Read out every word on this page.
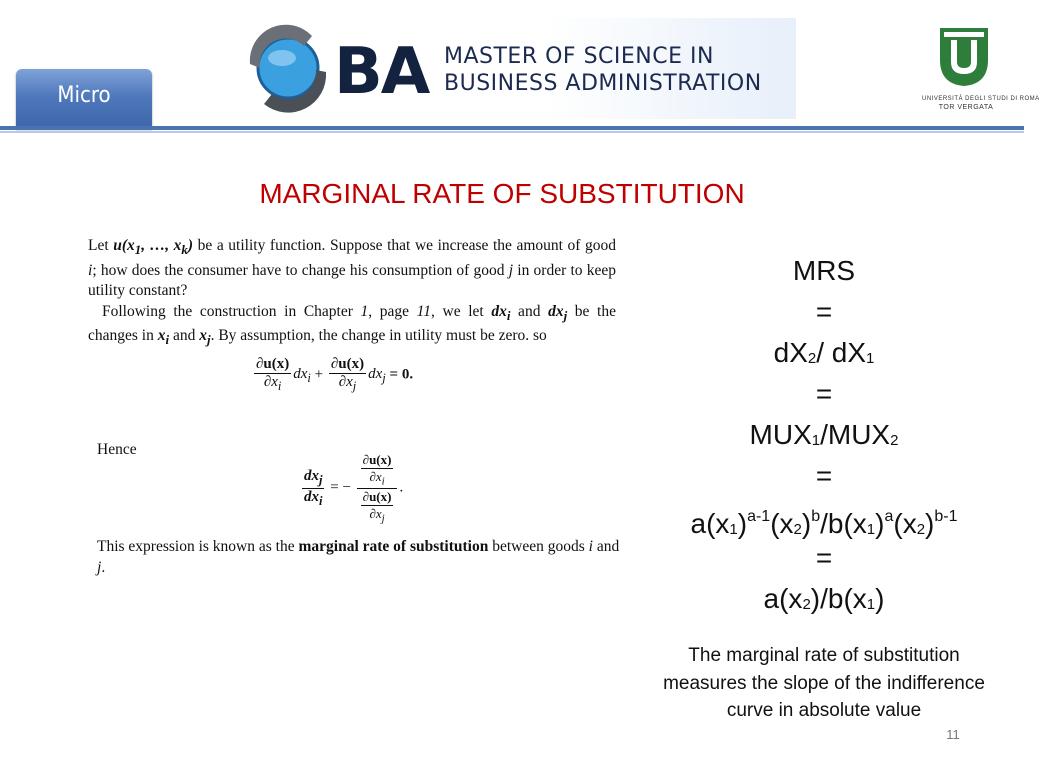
Micro	BA MASTER OF SCIENCE IN
BUSINESS ADMINISTRATION
UNIVERSITÀ DEGLI STUDI DI ROMA
TOR VERGATA
MARGINAL RATE OF SUBSTITUTION

Let $u(x_1$, …, $x_k$) be a utility function. Suppose that we increase the amount of good i; how does the consumer have to change his consumption of good j in order to keep utility constant?

Following the construction in Chapter 1, page 11, we let $dx_i$ and $dx_j$ be the changes in $x_i$ and $x_j$. By assumption, the change in utility must be zero. so

$\frac{\partial u(x)}{\partial x_i} dx_i + \frac{\partial u(x)}{\partial x_j} dx_j = 0$.
Hence
$\frac{dx_j}{dx_i}$ = − $\frac{\frac{\partial u(x)}{\partial x_i}}{\frac{\partial u(x)}{\partial x_j}}$ .
This expression is known as the marginal rate of substitution between goods i and j.
MRS
=
dX2/ dX1
=
MUX1/MUX2
=
$a(x1)^{a-1}(x2)^b/b(x1)^a(x2)^{b-1}$
=
a(x2)/b(x1)
The marginal rate of substitution measures the slope of the indifference curve in absolute value
11
